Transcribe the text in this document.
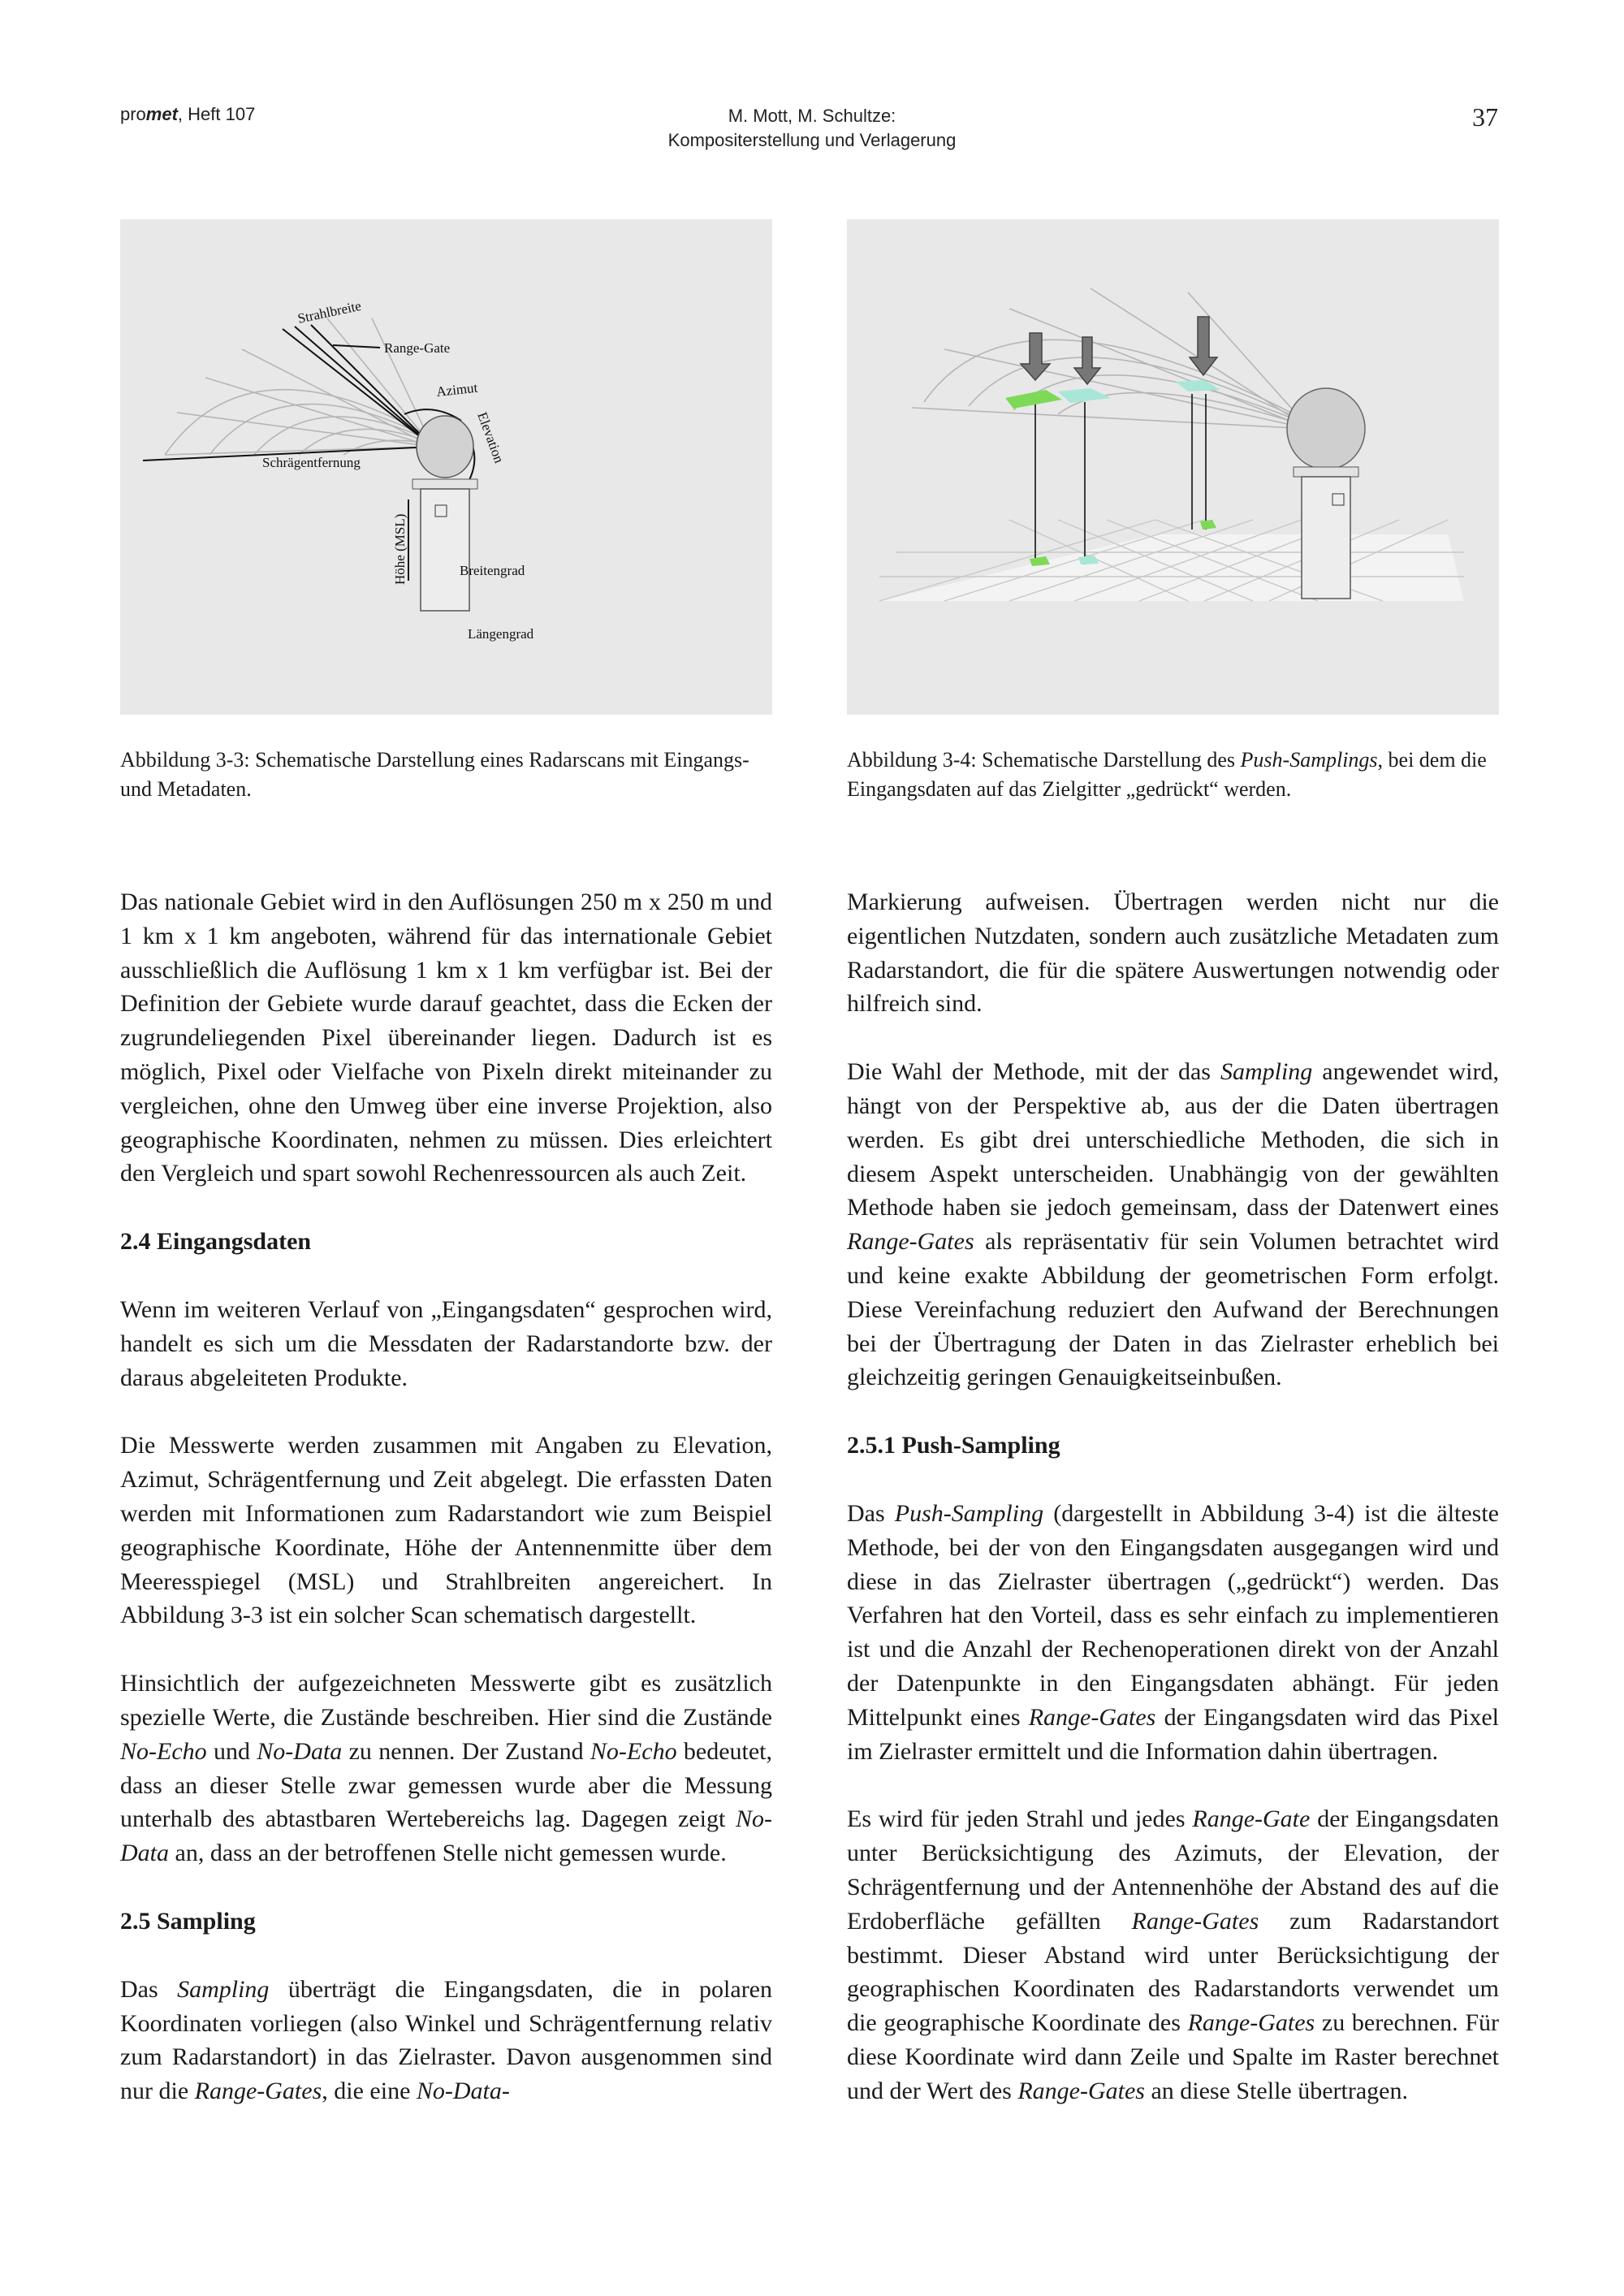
promet, Heft 107	M. Mott, M. Schultze:
Kompositerstellung und Verlagerung
37
Strahlbreite
Range-Gate
Azimut
Elevation
Schrägentfernung
Höhe (MSL)	Breitengrad
Längengrad
Abbildung 3-3: Schematische Darstellung eines Radarscans mit Eingangs- und Metadaten.
Abbildung 3-4: Schematische Darstellung des Push-Samplings, bei dem die Eingangsdaten auf das Zielgitter „gedrückt“ werden.

Das nationale Gebiet wird in den Auflösungen 250 m x 250 m und 1 km x 1 km angeboten, während für das internationale Gebiet ausschließlich die Auflösung 1 km x 1 km verfügbar ist. Bei der Definition der Gebiete wurde darauf geachtet, dass die Ecken der zugrundeliegenden Pixel übereinander liegen. Dadurch ist es möglich, Pixel oder Vielfache von Pixeln direkt miteinander zu vergleichen, ohne den Umweg über eine inverse Projektion, also geographische Koordinaten, nehmen zu müssen. Dies erleichtert den Vergleich und spart sowohl Rechenressourcen als auch Zeit.

2.4 Eingangsdaten

Wenn im weiteren Verlauf von „Eingangsdaten“ gesprochen wird, handelt es sich um die Messdaten der Radarstandorte bzw. der daraus abgeleiteten Produkte.

Die Messwerte werden zusammen mit Angaben zu Elevation, Azimut, Schrägentfernung und Zeit abgelegt. Die erfassten Daten werden mit Informationen zum Radarstandort wie zum Beispiel geographische Koordinate, Höhe der Antennenmitte über dem Meeresspiegel (MSL) und Strahlbreiten angereichert. In Abbildung 3-3 ist ein solcher Scan schematisch dargestellt.

Hinsichtlich der aufgezeichneten Messwerte gibt es zusätzlich spezielle Werte, die Zustände beschreiben. Hier sind die Zustände No-Echo und No-Data zu nennen. Der Zustand No-Echo bedeutet, dass an dieser Stelle zwar gemessen wurde aber die Messung unterhalb des abtastbaren Wertebereichs lag. Dagegen zeigt No-Data an, dass an der betroffenen Stelle nicht gemessen wurde.

2.5 Sampling

Das Sampling überträgt die Eingangsdaten, die in polaren Koordinaten vorliegen (also Winkel und Schrägentfernung relativ zum Radarstandort) in das Zielraster. Davon ausgenommen sind nur die Range-Gates, die eine No-Data-

Markierung aufweisen. Übertragen werden nicht nur die eigentlichen Nutzdaten, sondern auch zusätzliche Metadaten zum Radarstandort, die für die spätere Auswertungen notwendig oder hilfreich sind.

Die Wahl der Methode, mit der das Sampling angewendet wird, hängt von der Perspektive ab, aus der die Daten übertragen werden. Es gibt drei unterschiedliche Methoden, die sich in diesem Aspekt unterscheiden. Unabhängig von der gewählten Methode haben sie jedoch gemeinsam, dass der Datenwert eines Range-Gates als repräsentativ für sein Volumen betrachtet wird und keine exakte Abbildung der geometrischen Form erfolgt. Diese Vereinfachung reduziert den Aufwand der Berechnungen bei der Übertragung der Daten in das Zielraster erheblich bei gleichzeitig geringen Genauigkeitseinbußen.

2.5.1 Push-Sampling

Das Push-Sampling (dargestellt in Abbildung 3-4) ist die älteste Methode, bei der von den Eingangsdaten ausgegangen wird und diese in das Zielraster übertragen („gedrückt“) werden. Das Verfahren hat den Vorteil, dass es sehr einfach zu implementieren ist und die Anzahl der Rechenoperationen direkt von der Anzahl der Datenpunkte in den Eingangsdaten abhängt. Für jeden Mittelpunkt eines Range-Gates der Eingangsdaten wird das Pixel im Zielraster ermittelt und die Information dahin übertragen.

Es wird für jeden Strahl und jedes Range-Gate der Eingangsdaten unter Berücksichtigung des Azimuts, der Elevation, der Schrägentfernung und der Antennenhöhe der Abstand des auf die Erdoberfläche gefällten Range-Gates zum Radarstandort bestimmt. Dieser Abstand wird unter Berücksichtigung der geographischen Koordinaten des Radarstandorts verwendet um die geographische Koordinate des Range-Gates zu berechnen. Für diese Koordinate wird dann Zeile und Spalte im Raster berechnet und der Wert des Range-Gates an diese Stelle übertragen.
